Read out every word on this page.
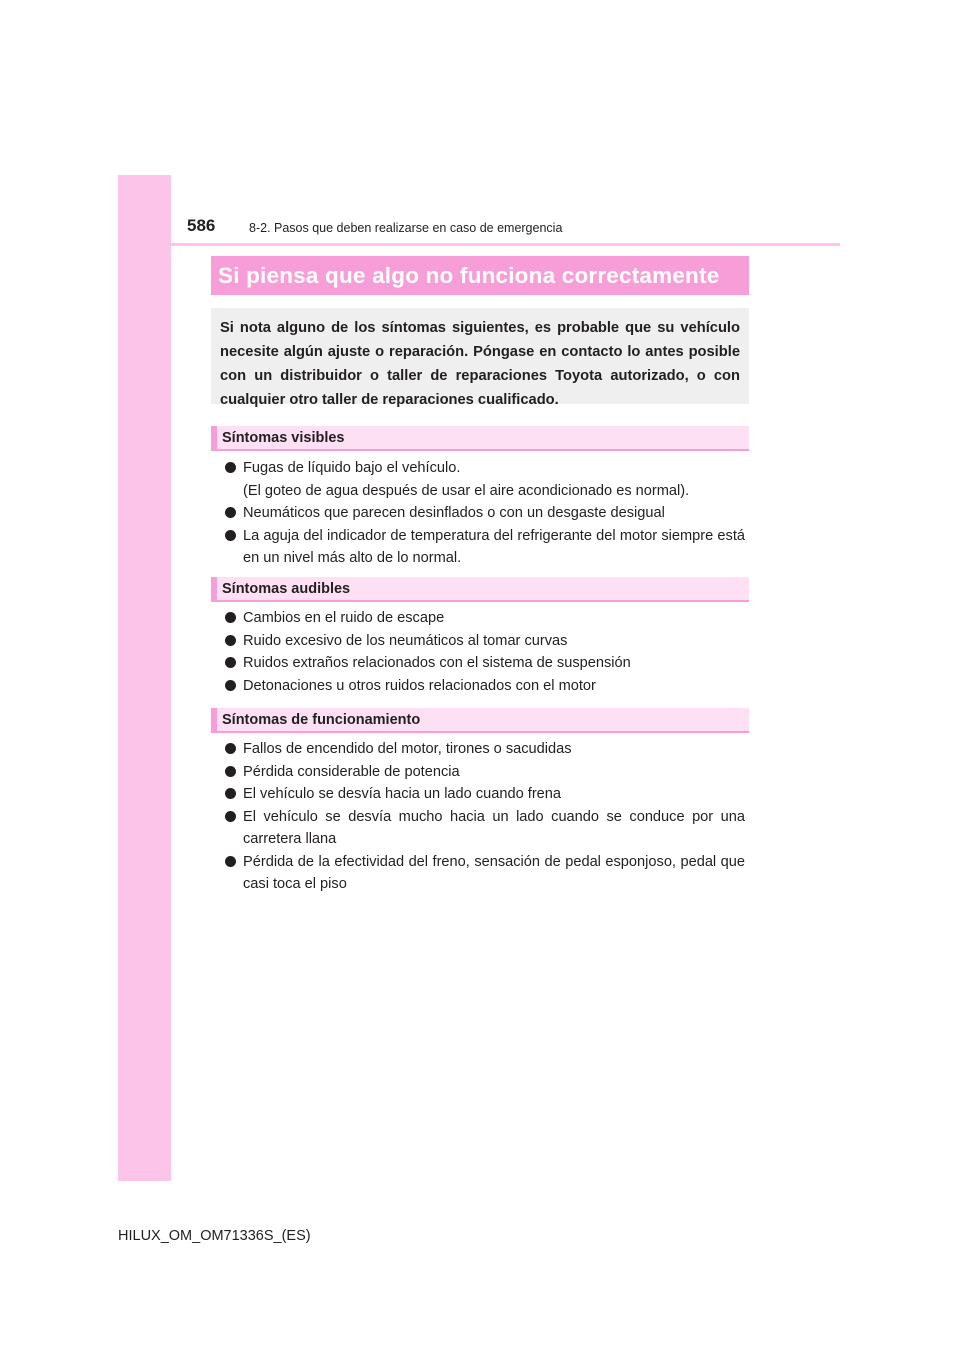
586	8-2. Pasos que deben realizarse en caso de emergencia
Si piensa que algo no funciona correctamente
Si nota alguno de los síntomas siguientes, es probable que su vehículo necesite algún ajuste o reparación. Póngase en contacto lo antes posible con un distribuidor o taller de reparaciones Toyota autorizado, o con cualquier otro taller de reparaciones cualificado.
Síntomas visibles
Fugas de líquido bajo el vehículo.
(El goteo de agua después de usar el aire acondicionado es normal).
Neumáticos que parecen desinflados o con un desgaste desigual
La aguja del indicador de temperatura del refrigerante del motor siempre está en un nivel más alto de lo normal.
Síntomas audibles
Cambios en el ruido de escape
Ruido excesivo de los neumáticos al tomar curvas
Ruidos extraños relacionados con el sistema de suspensión
Detonaciones u otros ruidos relacionados con el motor
Síntomas de funcionamiento
Fallos de encendido del motor, tirones o sacudidas
Pérdida considerable de potencia
El vehículo se desvía hacia un lado cuando frena
El vehículo se desvía mucho hacia un lado cuando se conduce por una carretera llana
Pérdida de la efectividad del freno, sensación de pedal esponjoso, pedal que casi toca el piso
HILUX_OM_OM71336S_(ES)
